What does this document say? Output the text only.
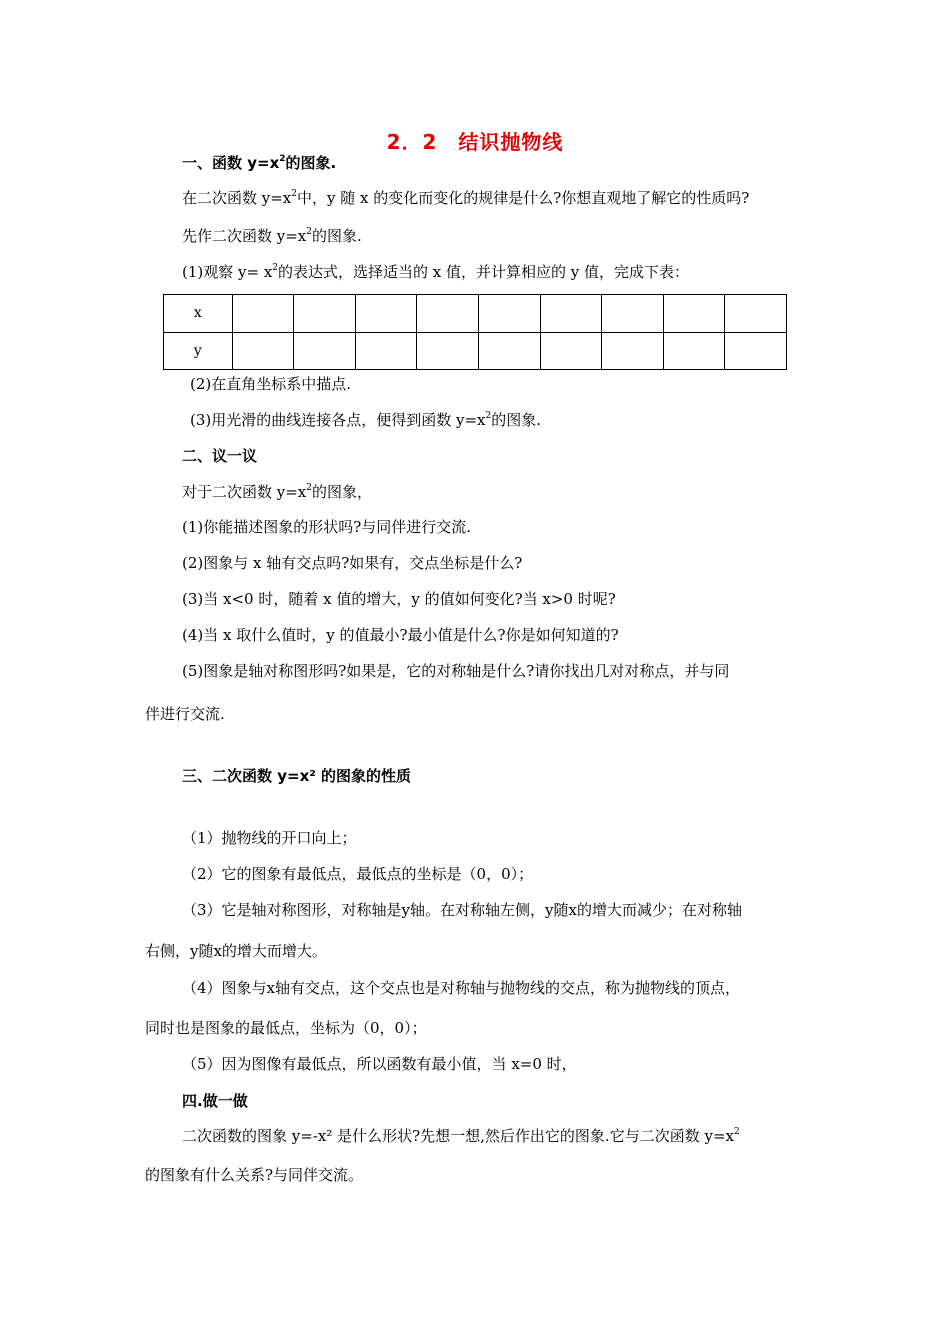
2．2　结识抛物线
一、函数 $y=x^2$的图象.
在二次函数 $y=x^2$中，y 随 x 的变化而变化的规律是什么?你想直观地了解它的性质吗?
先作二次函数 $y=x^2$的图象.
(1)观察 $y= x^2$的表达式，选择适当的 x 值，并计算相应的 y 值，完成下表：
x									
y									
(2)在直角坐标系中描点.
(3)用光滑的曲线连接各点，便得到函数 $y=x^2$的图象.
二、议一议
对于二次函数 $y=x^2$的图象，
(1)你能描述图象的形状吗?与同伴进行交流.
(2)图象与 x 轴有交点吗?如果有，交点坐标是什么?
(3)当 x<0 时，随着 x 值的增大，y 的值如何变化?当 x>0 时呢?
(4)当 x 取什么值时，y 的值最小?最小值是什么?你是如何知道的?
(5)图象是轴对称图形吗?如果是，它的对称轴是什么?请你找出几对对称点，并与同
伴进行交流.
三、二次函数 y=x² 的图象的性质
（1）抛物线的开口向上；
（2）它的图象有最低点，最低点的坐标是（0，0）；
（3）它是轴对称图形，对称轴是y轴。在对称轴左侧，y随x的增大而减少；在对称轴
右侧，y随x的增大而增大。
（4）图象与x轴有交点，这个交点也是对称轴与抛物线的交点，称为抛物线的顶点，
同时也是图象的最低点，坐标为（0，0）；
（5）因为图像有最低点，所以函数有最小值，当 x=0 时，
四.做一做
二次函数的图象 y=-x² 是什么形状?先想一想,然后作出它的图象.它与二次函数 $y=x^2$
的图象有什么关系?与同伴交流。
